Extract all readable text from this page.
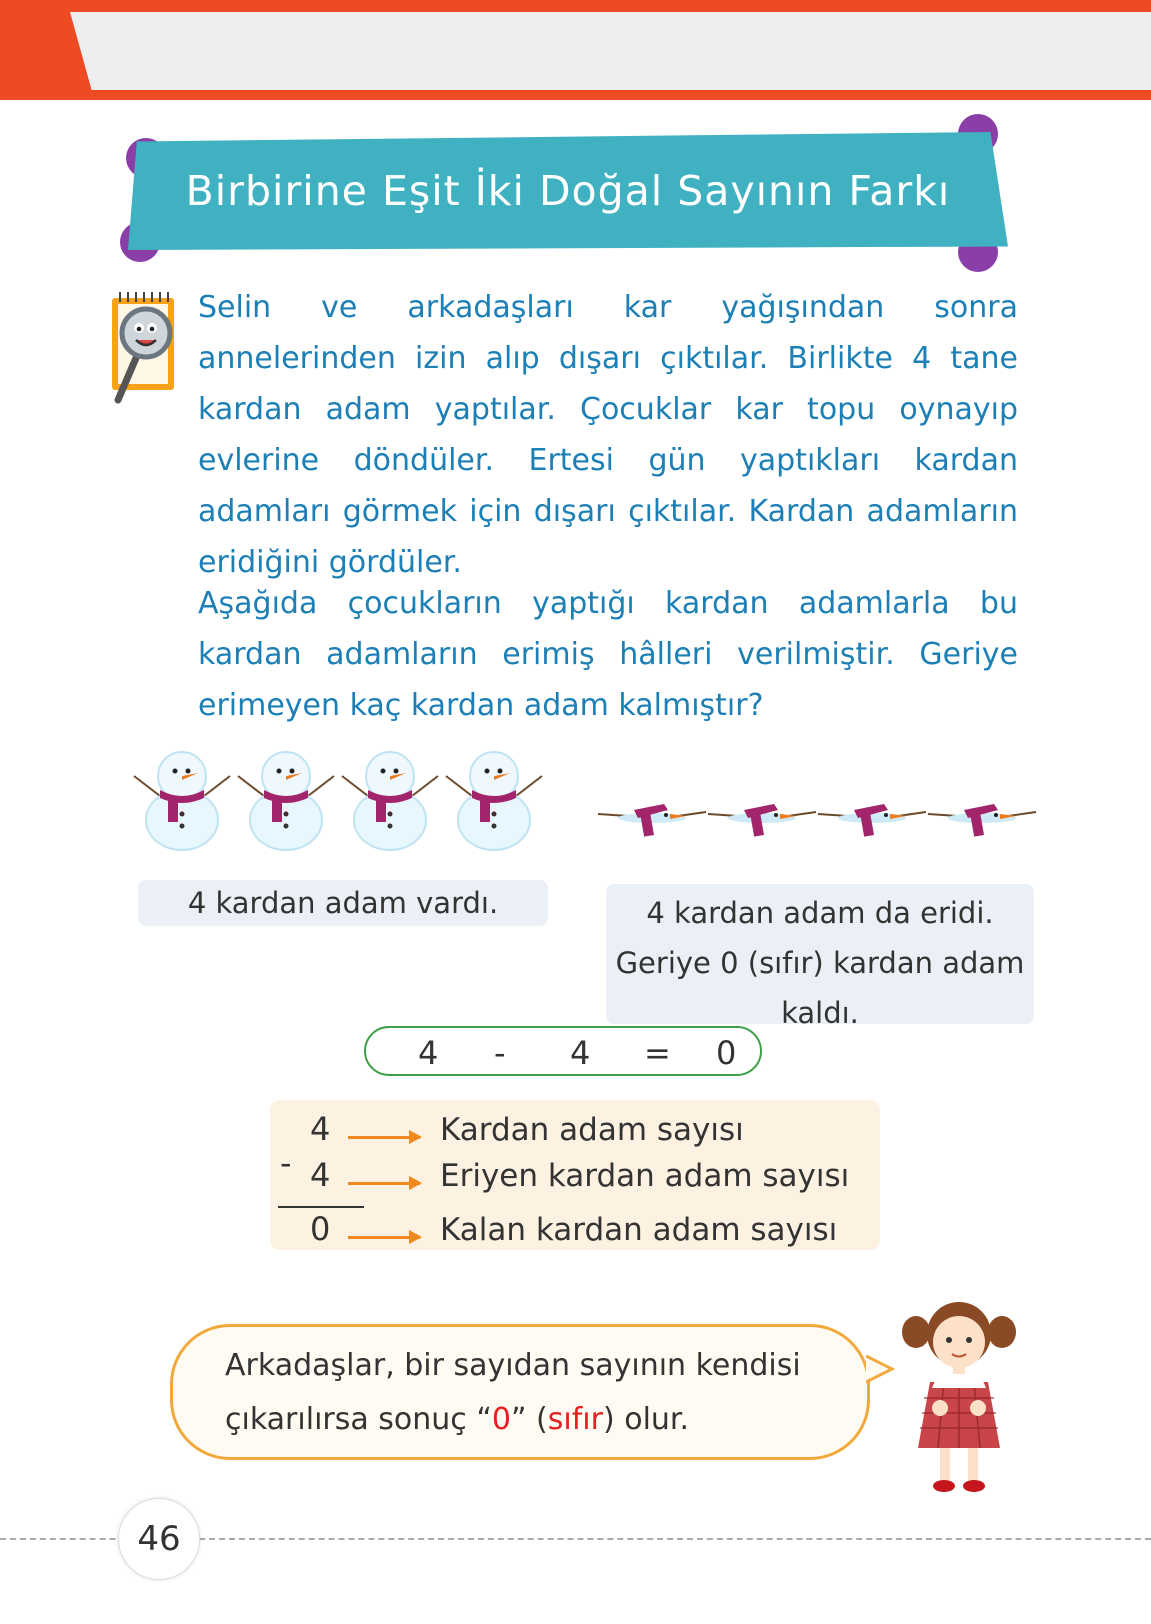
Birbirine Eşit İki Doğal Sayının Farkı

Selin ve arkadaşları kar yağışından sonra annelerinden izin alıp dışarı çıktılar. Birlikte 4 tane kardan adam yaptılar. Çocuklar kar topu oynayıp evlerine döndüler. Ertesi gün yaptıkları kardan adamları görmek için dışarı çıktılar. Kardan adamların eridiğini gördüler.

Aşağıda çocukların yaptığı kardan adamlarla bu kardan adamların erimiş hâlleri verilmiştir. Geriye erimeyen kaç kardan adam kalmıştır?

4 kardan adam vardı.	4 kardan adam da eridi. Geriye 0 (sıfır) kardan adam kaldı.
4 - 4 = 0
4
- 4
0
Kardan adam sayısı
Eriyen kardan adam sayısı
Kalan kardan adam sayısı
Arkadaşlar, bir sayıdan sayının kendisi
çıkarılırsa sonuç “0” (sıfır) olur.
46
